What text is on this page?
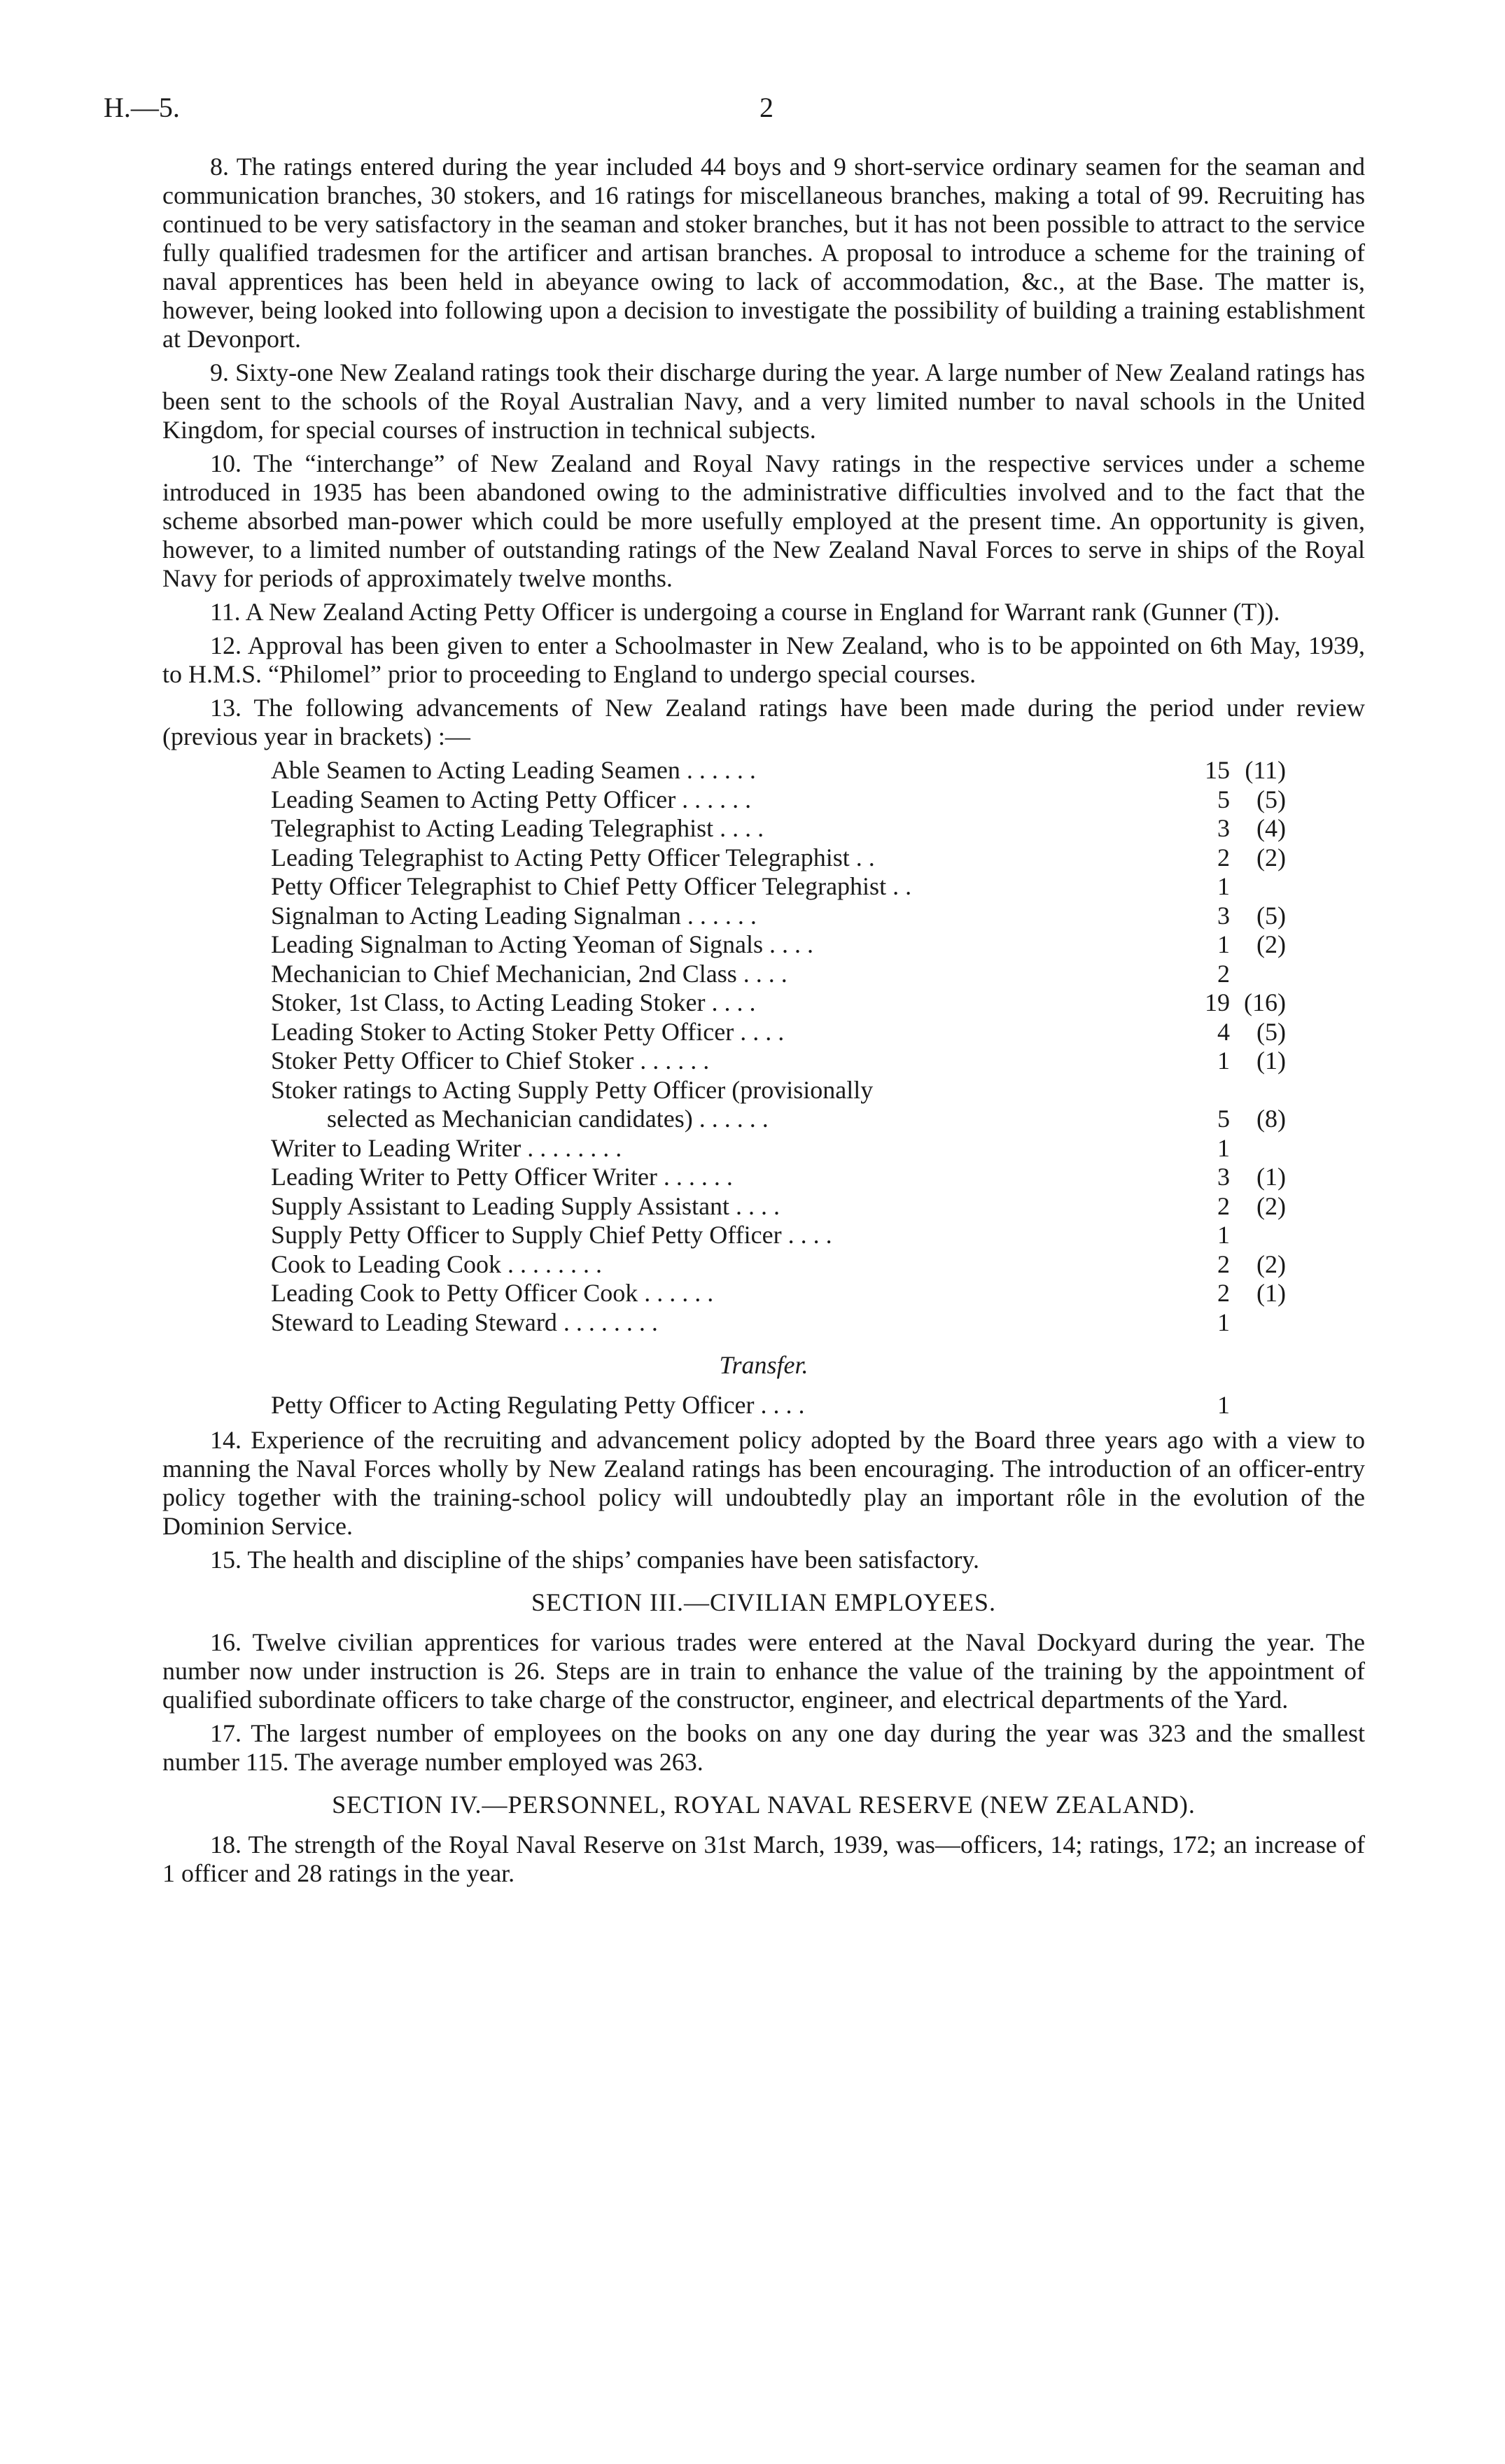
H.—5.	2

8. The ratings entered during the year included 44 boys and 9 short-service ordinary seamen for the seaman and communication branches, 30 stokers, and 16 ratings for miscellaneous branches, making a total of 99. Recruiting has continued to be very satisfactory in the seaman and stoker branches, but it has not been possible to attract to the service fully qualified tradesmen for the artificer and artisan branches. A proposal to introduce a scheme for the training of naval apprentices has been held in abeyance owing to lack of accommodation, &c., at the Base. The matter is, however, being looked into following upon a decision to investigate the possibility of building a training establishment at Devonport.

9. Sixty-one New Zealand ratings took their discharge during the year. A large number of New Zealand ratings has been sent to the schools of the Royal Australian Navy, and a very limited number to naval schools in the United Kingdom, for special courses of instruction in technical subjects.

10. The “interchange” of New Zealand and Royal Navy ratings in the respective services under a scheme introduced in 1935 has been abandoned owing to the administrative difficulties involved and to the fact that the scheme absorbed man-power which could be more usefully employed at the present time. An opportunity is given, however, to a limited number of outstanding ratings of the New Zealand Naval Forces to serve in ships of the Royal Navy for periods of approximately twelve months.

11. A New Zealand Acting Petty Officer is undergoing a course in England for Warrant rank (Gunner (T)).

12. Approval has been given to enter a Schoolmaster in New Zealand, who is to be appointed on 6th May, 1939, to H.M.S. “Philomel” prior to proceeding to England to undergo special courses.

13. The following advancements of New Zealand ratings have been made during the period under review (previous year in brackets) :—

Able Seamen to Acting Leading Seamen . . . . . .	15 (11)
Leading Seamen to Acting Petty Officer . . . . . .	5	(5)
Telegraphist to Acting Leading Telegraphist . . . .	3	(4)
Leading Telegraphist to Acting Petty Officer Telegraphist . .	2	(2)
Petty Officer Telegraphist to Chief Petty Officer Telegraphist . .	1
Signalman to Acting Leading Signalman . . . . . .	3	(5)
Leading Signalman to Acting Yeoman of Signals . . . .	1	(2)
Mechanician to Chief Mechanician, 2nd Class . . . .	2
Stoker, 1st Class, to Acting Leading Stoker . . . .	19 (16)
Leading Stoker to Acting Stoker Petty Officer . . . .	4	(5)
Stoker Petty Officer to Chief Stoker . . . . . .	1	(1)
Stoker ratings to Acting Supply Petty Officer (provisionally
selected as Mechanician candidates) . . . . . .	5	(8)
Writer to Leading Writer . . . . . . . .	1
Leading Writer to Petty Officer Writer . . . . . .	3	(1)
Supply Assistant to Leading Supply Assistant . . . .	2	(2)
Supply Petty Officer to Supply Chief Petty Officer . . . .	1
Cook to Leading Cook . . . . . . . .	2	(2)
Leading Cook to Petty Officer Cook . . . . . .	2	(1)
Steward to Leading Steward . . . . . . . .	1

Transfer.

Petty Officer to Acting Regulating Petty Officer . . . .	1

14. Experience of the recruiting and advancement policy adopted by the Board three years ago with a view to manning the Naval Forces wholly by New Zealand ratings has been encouraging. The introduction of an officer-entry policy together with the training-school policy will undoubtedly play an important rôle in the evolution of the Dominion Service.

15. The health and discipline of the ships’ companies have been satisfactory.

SECTION III.—CIVILIAN EMPLOYEES.

16. Twelve civilian apprentices for various trades were entered at the Naval Dockyard during the year. The number now under instruction is 26. Steps are in train to enhance the value of the training by the appointment of qualified subordinate officers to take charge of the constructor, engineer, and electrical departments of the Yard.

17. The largest number of employees on the books on any one day during the year was 323 and the smallest number 115. The average number employed was 263.

SECTION IV.—PERSONNEL, ROYAL NAVAL RESERVE (NEW ZEALAND).

18. The strength of the Royal Naval Reserve on 31st March, 1939, was—officers, 14; ratings, 172; an increase of 1 officer and 28 ratings in the year.
